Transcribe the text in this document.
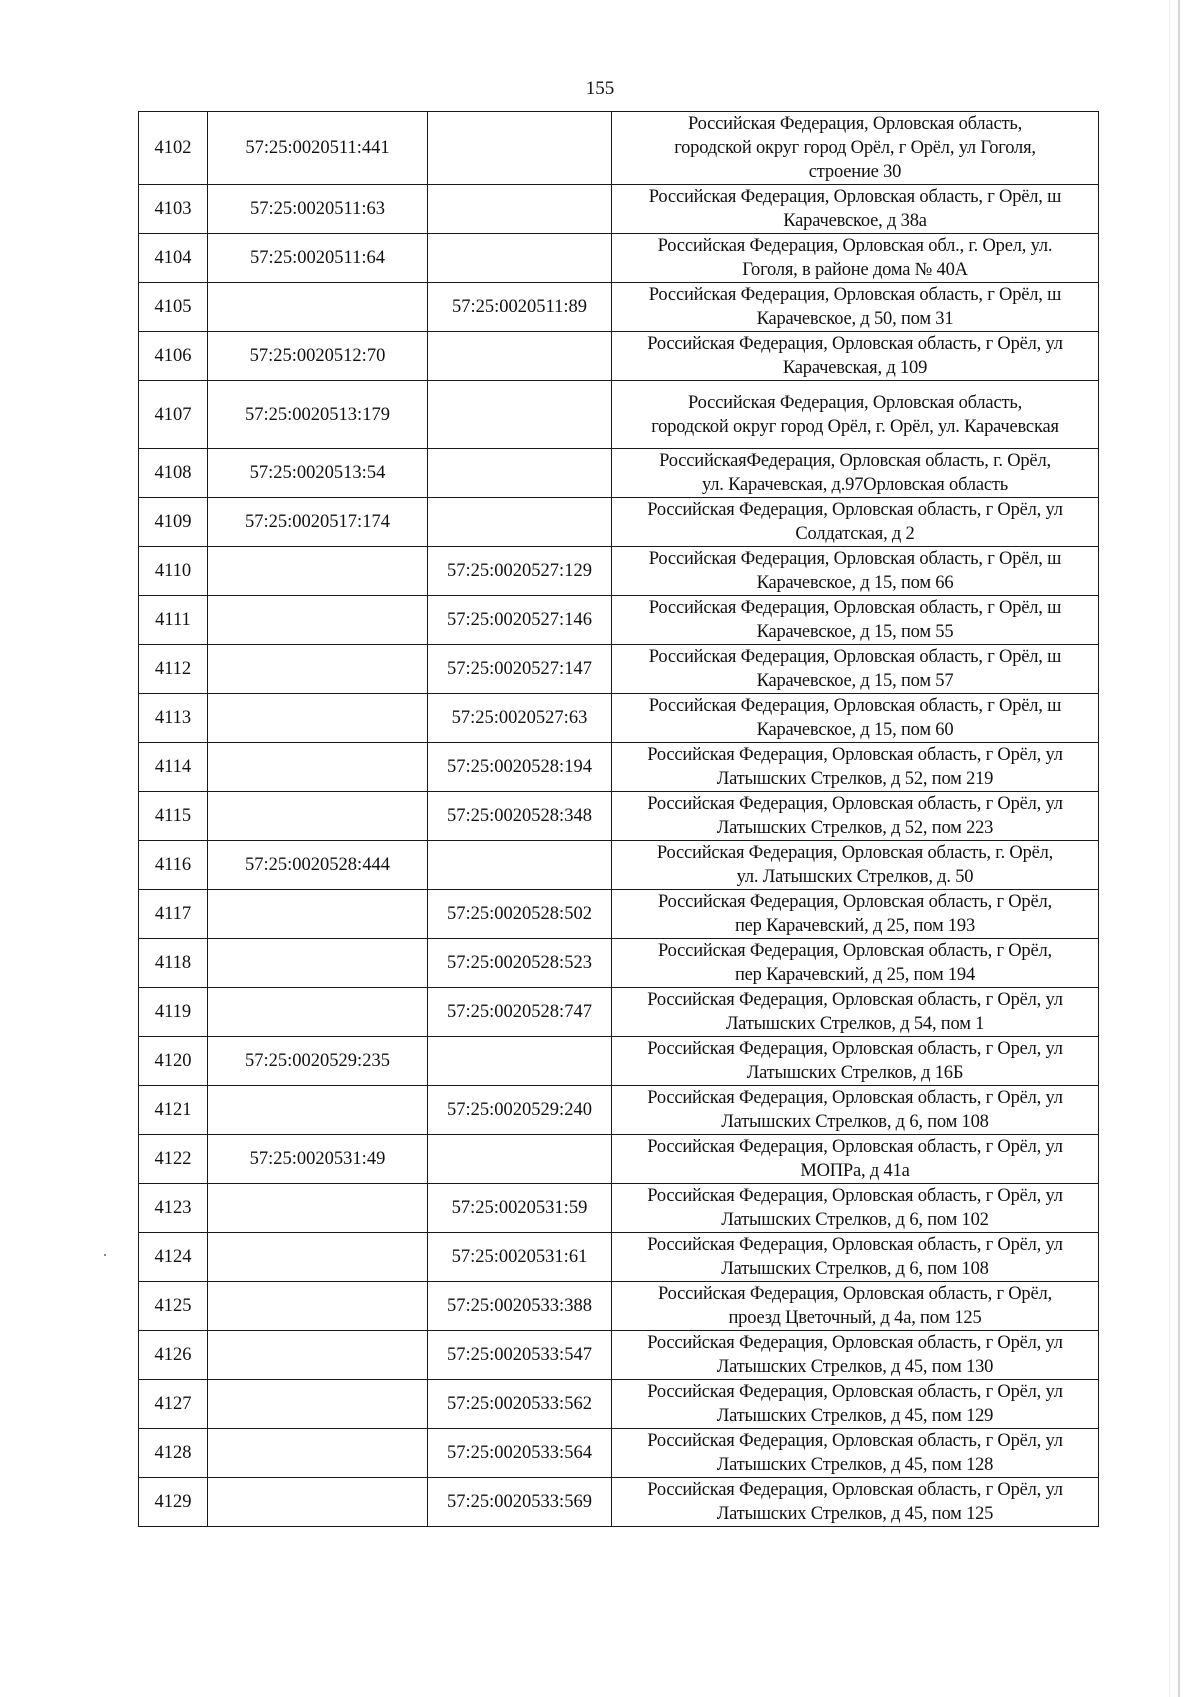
155
4102	57:25:0020511:441		Российская Федерация, Орловская область,
городской округ город Орёл, г Орёл, ул Гоголя,
строение 30

4103	57:25:0020511:63		Российская Федерация, Орловская область, г Орёл, ш
Карачевское, д 38а

4104	57:25:0020511:64		Российская Федерация, Орловская обл., г. Орел, ул.
Гоголя, в районе дома № 40А

4105		57:25:0020511:89	Российская Федерация, Орловская область, г Орёл, ш
Карачевское, д 50, пом 31

4106	57:25:0020512:70		Российская Федерация, Орловская область, г Орёл, ул
Карачевская, д 109

4107	57:25:0020513:179		Российская Федерация, Орловская область,
городской округ город Орёл, г. Орёл, ул. Карачевская

4108	57:25:0020513:54		РоссийскаяФедерация, Орловская область, г. Орёл,
ул. Карачевская, д.97Орловская область

4109	57:25:0020517:174		Российская Федерация, Орловская область, г Орёл, ул
Солдатская, д 2

4110		57:25:0020527:129	Российская Федерация, Орловская область, г Орёл, ш
Карачевское, д 15, пом 66

4111		57:25:0020527:146	Российская Федерация, Орловская область, г Орёл, ш
Карачевское, д 15, пом 55

4112		57:25:0020527:147	Российская Федерация, Орловская область, г Орёл, ш
Карачевское, д 15, пом 57

4113		57:25:0020527:63	Российская Федерация, Орловская область, г Орёл, ш
Карачевское, д 15, пом 60

4114		57:25:0020528:194	Российская Федерация, Орловская область, г Орёл, ул
Латышских Стрелков, д 52, пом 219

4115		57:25:0020528:348	Российская Федерация, Орловская область, г Орёл, ул
Латышских Стрелков, д 52, пом 223

4116	57:25:0020528:444		Российская Федерация, Орловская область, г. Орёл,
ул. Латышских Стрелков, д. 50

4117		57:25:0020528:502	Российская Федерация, Орловская область, г Орёл,
пер Карачевский, д 25, пом 193

4118		57:25:0020528:523	Российская Федерация, Орловская область, г Орёл,
пер Карачевский, д 25, пом 194

4119		57:25:0020528:747	Российская Федерация, Орловская область, г Орёл, ул
Латышских Стрелков, д 54, пом 1

4120	57:25:0020529:235		Российская Федерация, Орловская область, г Орел, ул
Латышских Стрелков, д 16Б

4121		57:25:0020529:240	Российская Федерация, Орловская область, г Орёл, ул
Латышских Стрелков, д 6, пом 108

4122	57:25:0020531:49		Российская Федерация, Орловская область, г Орёл, ул
МОПРа, д 41а

4123		57:25:0020531:59	Российская Федерация, Орловская область, г Орёл, ул
Латышских Стрелков, д 6, пом 102

4124		57:25:0020531:61	Российская Федерация, Орловская область, г Орёл, ул
Латышских Стрелков, д 6, пом 108

4125		57:25:0020533:388	Российская Федерация, Орловская область, г Орёл,
проезд Цветочный, д 4а, пом 125

4126		57:25:0020533:547	Российская Федерация, Орловская область, г Орёл, ул
Латышских Стрелков, д 45, пом 130

4127		57:25:0020533:562	Российская Федерация, Орловская область, г Орёл, ул
Латышских Стрелков, д 45, пом 129

4128		57:25:0020533:564	Российская Федерация, Орловская область, г Орёл, ул
Латышских Стрелков, д 45, пом 128

4129		57:25:0020533:569	Российская Федерация, Орловская область, г Орёл, ул
Латышских Стрелков, д 45, пом 125
